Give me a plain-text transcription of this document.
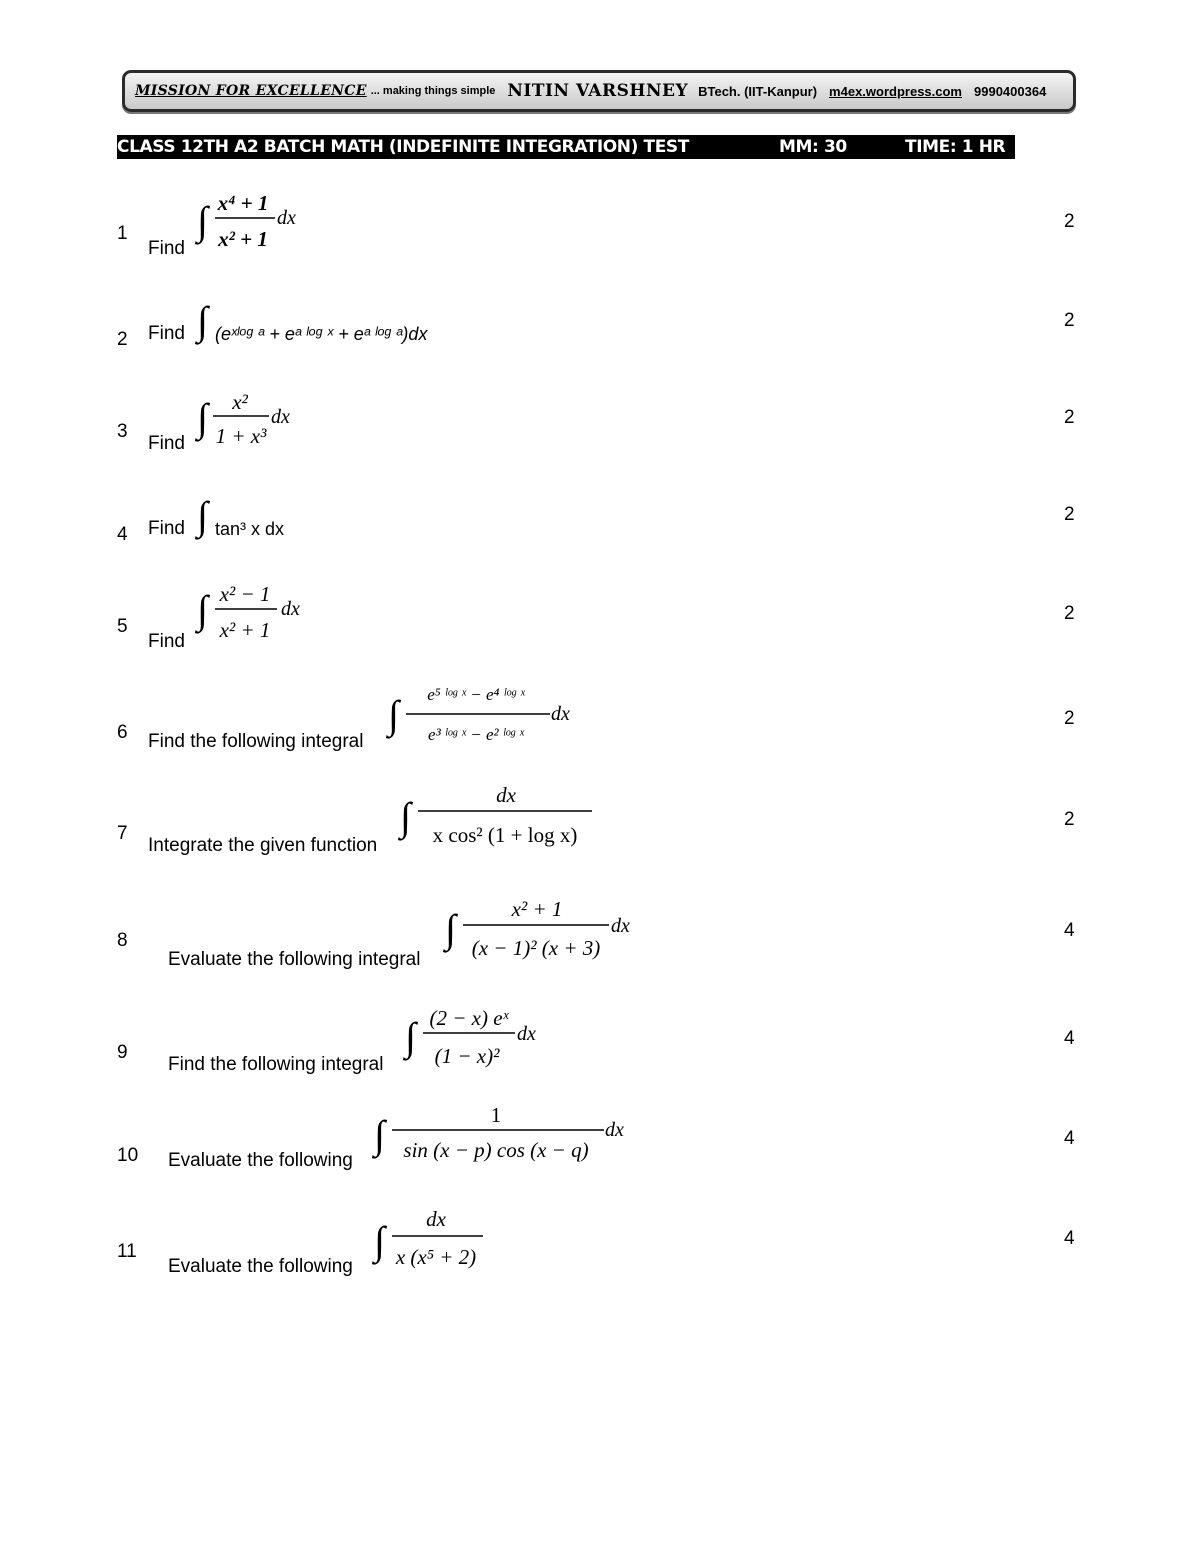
MISSION FOR EXCELLENCE ... making things simple NITIN VARSHNEY BTech. (IIT-Kanpur) m4ex.wordpress.com 9990400364
CLASS 12TH A2 BATCH MATH (INDEFINITE INTEGRATION) TEST	MM: 30	TIME: 1 HR
1
Find
2
∫ x⁴ + 1
x² + 1
dx
2 Find
2
∫ (eˣˡᵒᵍ ᵃ + eᵃ ˡᵒᵍ ˣ + eᵃ ˡᵒᵍ ᵃ)dx
3
Find
2
∫ x²
1 + x³
dx
4 Find
2
∫ tan³ x dx
5
Find
2
∫ x² − 1
x² + 1
dx
6 Find the following integral
2
∫ e⁵ ˡᵒᵍ ˣ − e⁴ ˡᵒᵍ ˣ
e³ ˡᵒᵍ ˣ − e² ˡᵒᵍ ˣ
dx
7
Integrate the given function
2
∫	dx
x cos² (1 + log x)
8
Evaluate the following integral
4
∫	x² + 1
(x − 1)² (x + 3)
dx
9
Find the following integral
4
∫ (2 − x) eˣ
(1 − x)²
dx
10 Evaluate the following
4
∫	1
sin (x − p) cos (x − q)
dx
11
Evaluate the following
4
∫ dx
x (x⁵ + 2)
